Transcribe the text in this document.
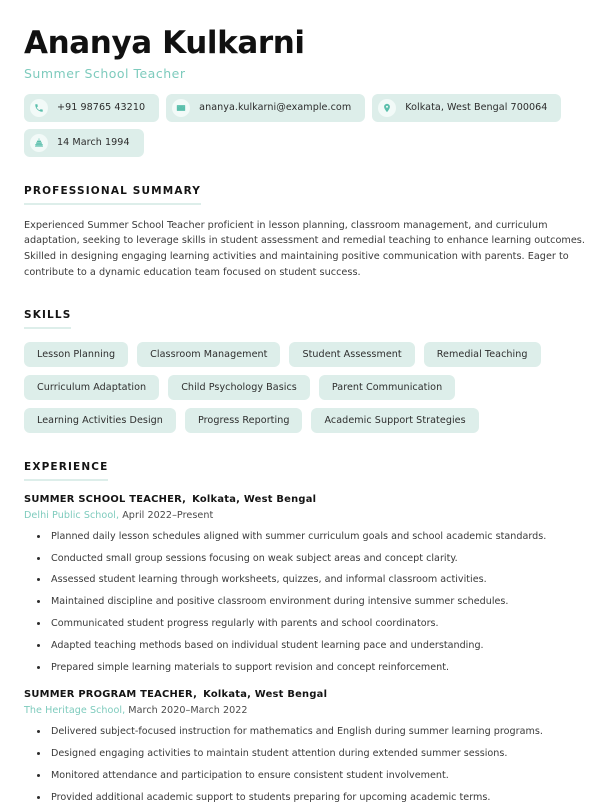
Ananya Kulkarni
Summer School Teacher
+91 98765 43210	ananya.kulkarni@example.com	Kolkata, West Bengal 700064
14 March 1994
PROFESSIONAL SUMMARY
Experienced Summer School Teacher proficient in lesson planning, classroom management, and curriculum adaptation, seeking to leverage skills in student assessment and remedial teaching to enhance learning outcomes. Skilled in designing engaging learning activities and maintaining positive communication with parents. Eager to contribute to a dynamic education team focused on student success.
SKILLS
Lesson Planning	Classroom Management	Student Assessment	Remedial Teaching
Curriculum Adaptation	Child Psychology Basics	Parent Communication
Learning Activities Design	Progress Reporting	Academic Support Strategies
EXPERIENCE
SUMMER SCHOOL TEACHER, Kolkata, West Bengal
Delhi Public School, April 2022–Present
Planned daily lesson schedules aligned with summer curriculum goals and school academic standards.
Conducted small group sessions focusing on weak subject areas and concept clarity.
Assessed student learning through worksheets, quizzes, and informal classroom activities.
Maintained discipline and positive classroom environment during intensive summer schedules.
Communicated student progress regularly with parents and school coordinators.
Adapted teaching methods based on individual student learning pace and understanding.
Prepared simple learning materials to support revision and concept reinforcement.
SUMMER PROGRAM TEACHER, Kolkata, West Bengal
The Heritage School, March 2020–March 2022
Delivered subject-focused instruction for mathematics and English during summer learning programs.
Designed engaging activities to maintain student attention during extended summer sessions.
Monitored attendance and participation to ensure consistent student involvement.
Provided additional academic support to students preparing for upcoming academic terms.
